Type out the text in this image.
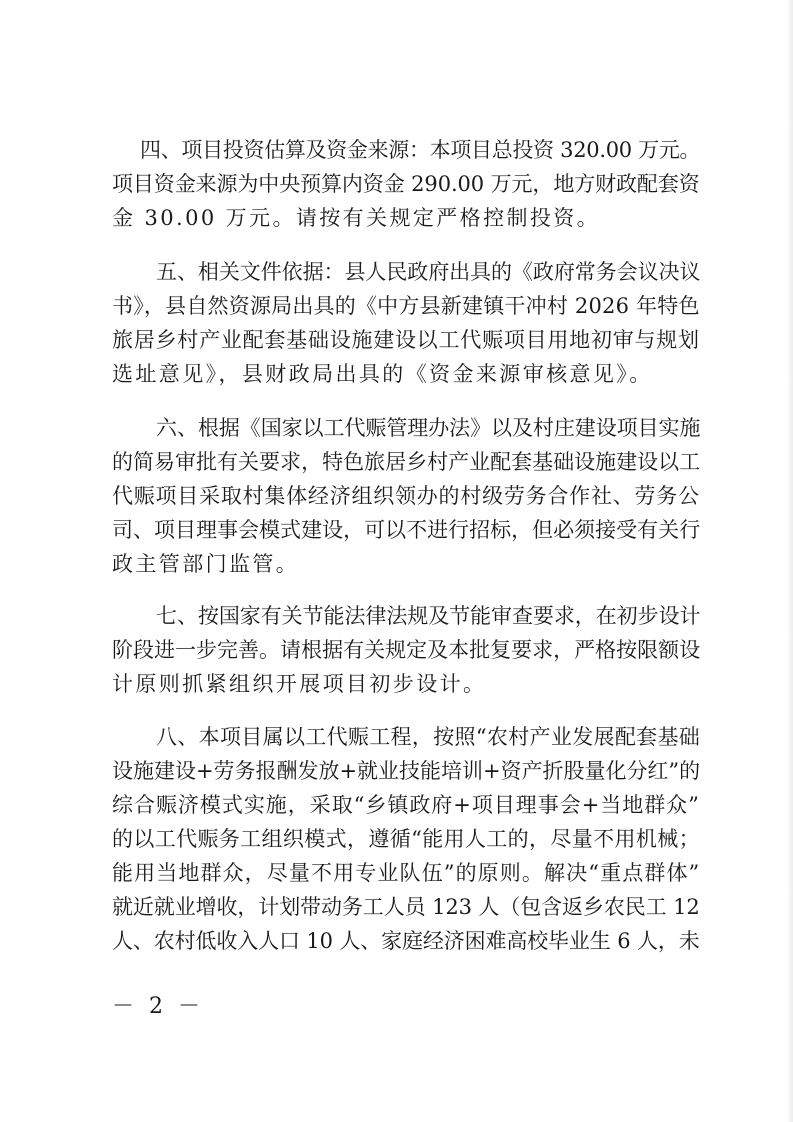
四、项目投资估算及资金来源：本项目总投资 320.00 万元。
项目资金来源为中央预算内资金 290.00 万元，地方财政配套资
金 30.00 万元。请按有关规定严格控制投资。
五、相关文件依据：县人民政府出具的《政府常务会议决议
书》，县自然资源局出具的《中方县新建镇干冲村 2026 年特色
旅居乡村产业配套基础设施建设以工代赈项目用地初审与规划
选址意见》，县财政局出具的《资金来源审核意见》。
六、根据《国家以工代赈管理办法》以及村庄建设项目实施
的简易审批有关要求，特色旅居乡村产业配套基础设施建设以工
代赈项目采取村集体经济组织领办的村级劳务合作社、劳务公
司、项目理事会模式建设，可以不进行招标，但必须接受有关行
政主管部门监管。
七、按国家有关节能法律法规及节能审查要求，在初步设计
阶段进一步完善。请根据有关规定及本批复要求，严格按限额设
计原则抓紧组织开展项目初步设计。
八、本项目属以工代赈工程，按照“农村产业发展配套基础
设施建设+劳务报酬发放+就业技能培训+资产折股量化分红”的
综合赈济模式实施，采取“乡镇政府+项目理事会+当地群众”
的以工代赈务工组织模式，遵循“能用人工的，尽量不用机械；
能用当地群众，尽量不用专业队伍”的原则。解决“重点群体”
就近就业增收，计划带动务工人员 123 人（包含返乡农民工 12
人、农村低收入人口 10 人、家庭经济困难高校毕业生 6 人，未
－ 2 －
